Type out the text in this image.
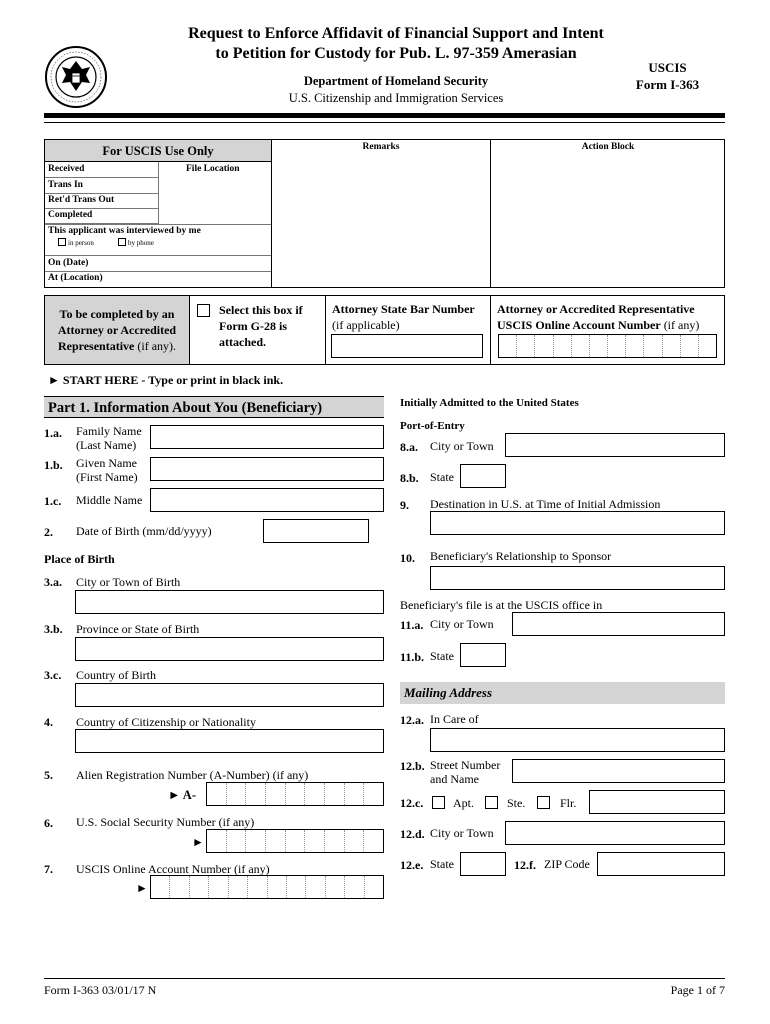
Request to Enforce Affidavit of Financial Support and Intent
to Petition for Custody for Pub. L. 97-359 Amerasian
Department of Homeland Security
U.S. Citizenship and Immigration Services
USCIS
Form I-363
For USCIS Use Only
Received
Trans In
Ret'd Trans Out
Completed
File Location
This applicant was interviewed by me
in person	by phone
On (Date)
At (Location)
Remarks	Action Block
To be completed by an
Attorney or Accredited
Representative (if any).
Select this box if
Form G-28 is
attached.
Attorney State Bar Number
(if applicable)
Attorney or Accredited Representative
USCIS Online Account Number (if any)
► START HERE - Type or print in black ink.
Part 1. Information About You (Beneficiary)
1.a. Family Name
(Last Name)
1.b. Given Name
(First Name)
1.c. Middle Name
2. Date of Birth (mm/dd/yyyy)
Place of Birth
3.a. City or Town of Birth
3.b. Province or State of Birth
3.c. Country of Birth
4. Country of Citizenship or Nationality
5. Alien Registration Number (A-Number) (if any)
► A-
6. U.S. Social Security Number (if any)
►
7. USCIS Online Account Number (if any)
►
Initially Admitted to the United States
Port-of-Entry
8.a. City or Town
8.b. State
9. Destination in U.S. at Time of Initial Admission
10. Beneficiary's Relationship to Sponsor
Beneficiary's file is at the USCIS office in
11.a. City or Town
11.b. State
Mailing Address
12.a. In Care of
12.b. Street Number
and Name
12.c. Apt.	Ste.	Flr.
12.d. City or Town
12.e. State	12.f. ZIP Code
Form I-363 03/01/17 N	Page 1 of 7
